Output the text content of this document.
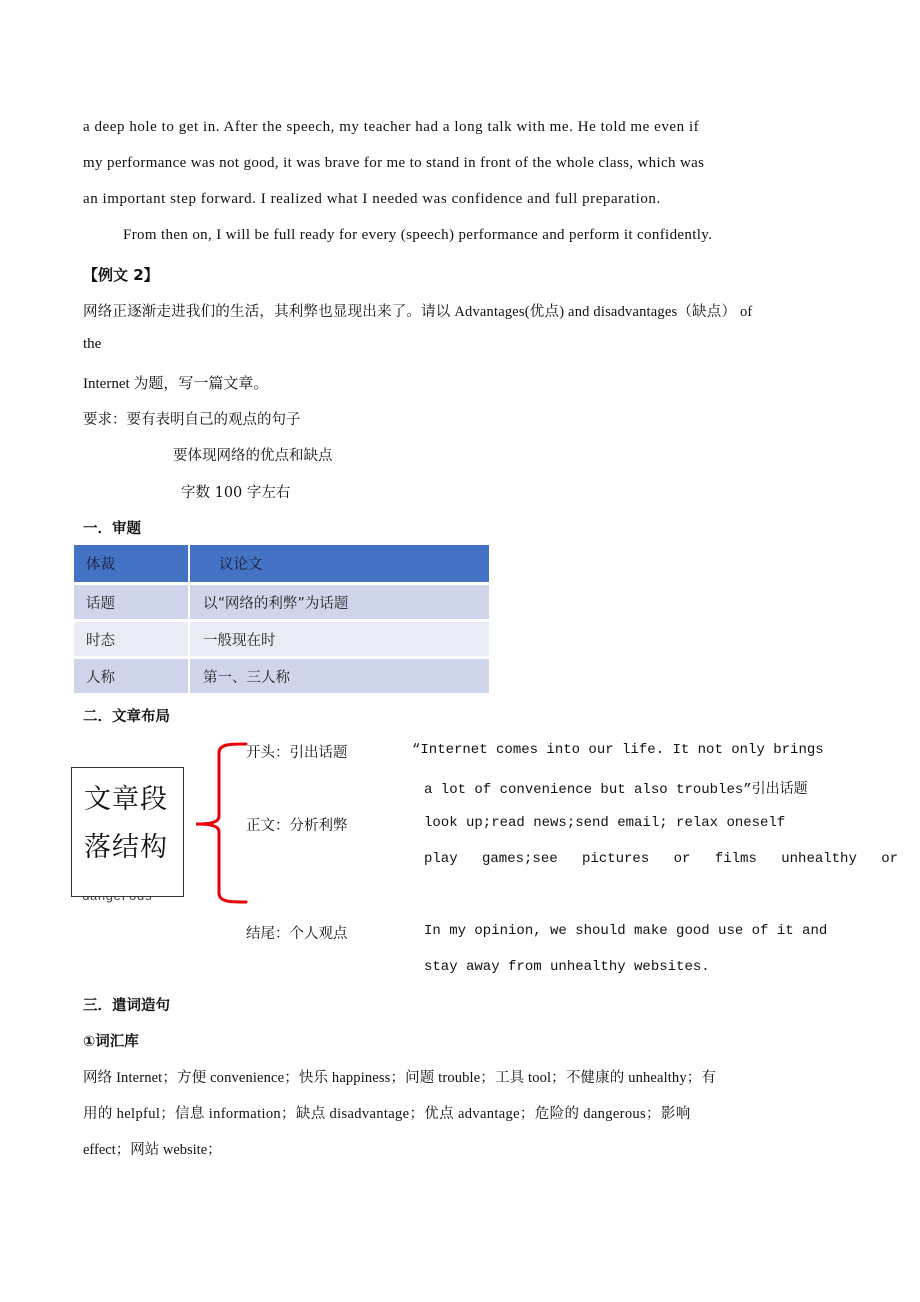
a deep hole to get in. After the speech, my teacher had a long talk with me. He told me even if
my performance was not good, it was brave for me to stand in front of the whole class, which was
an important step forward. I realized what I needed was confidence and full preparation.
From then on, I will be full ready for every (speech) performance and perform it confidently.
【例文 2】
网络正逐渐走进我们的生活，其利弊也显现出来了。请以 Advantages(优点) and disadvantages（缺点） of
the
Internet 为题，写一篇文章。
要求：要有表明自己的观点的句子
要体现网络的优点和缺点
字数 100 字左右
一．审题
体裁	议论文
话题	以“网络的利弊”为话题
时态	一般现在时
人称	第一、三人称
二．文章布局
文章段
落结构
开头：引出话题	“Internet comes into our life. It not only brings
a lot of convenience but also troubles”引出话题
正文：分析利弊	look up;read news;send email; relax oneself
play games;see pictures or films unhealthy or
结尾：个人观点	In my opinion, we should make good use of it and
stay away from unhealthy websites.
三．遣词造句
①词汇库
网络 Internet；方便 convenience；快乐 happiness；问题 trouble；工具 tool；不健康的 unhealthy；有
用的 helpful；信息 information；缺点 disadvantage；优点 advantage；危险的 dangerous；影响
effect；网站 website；
